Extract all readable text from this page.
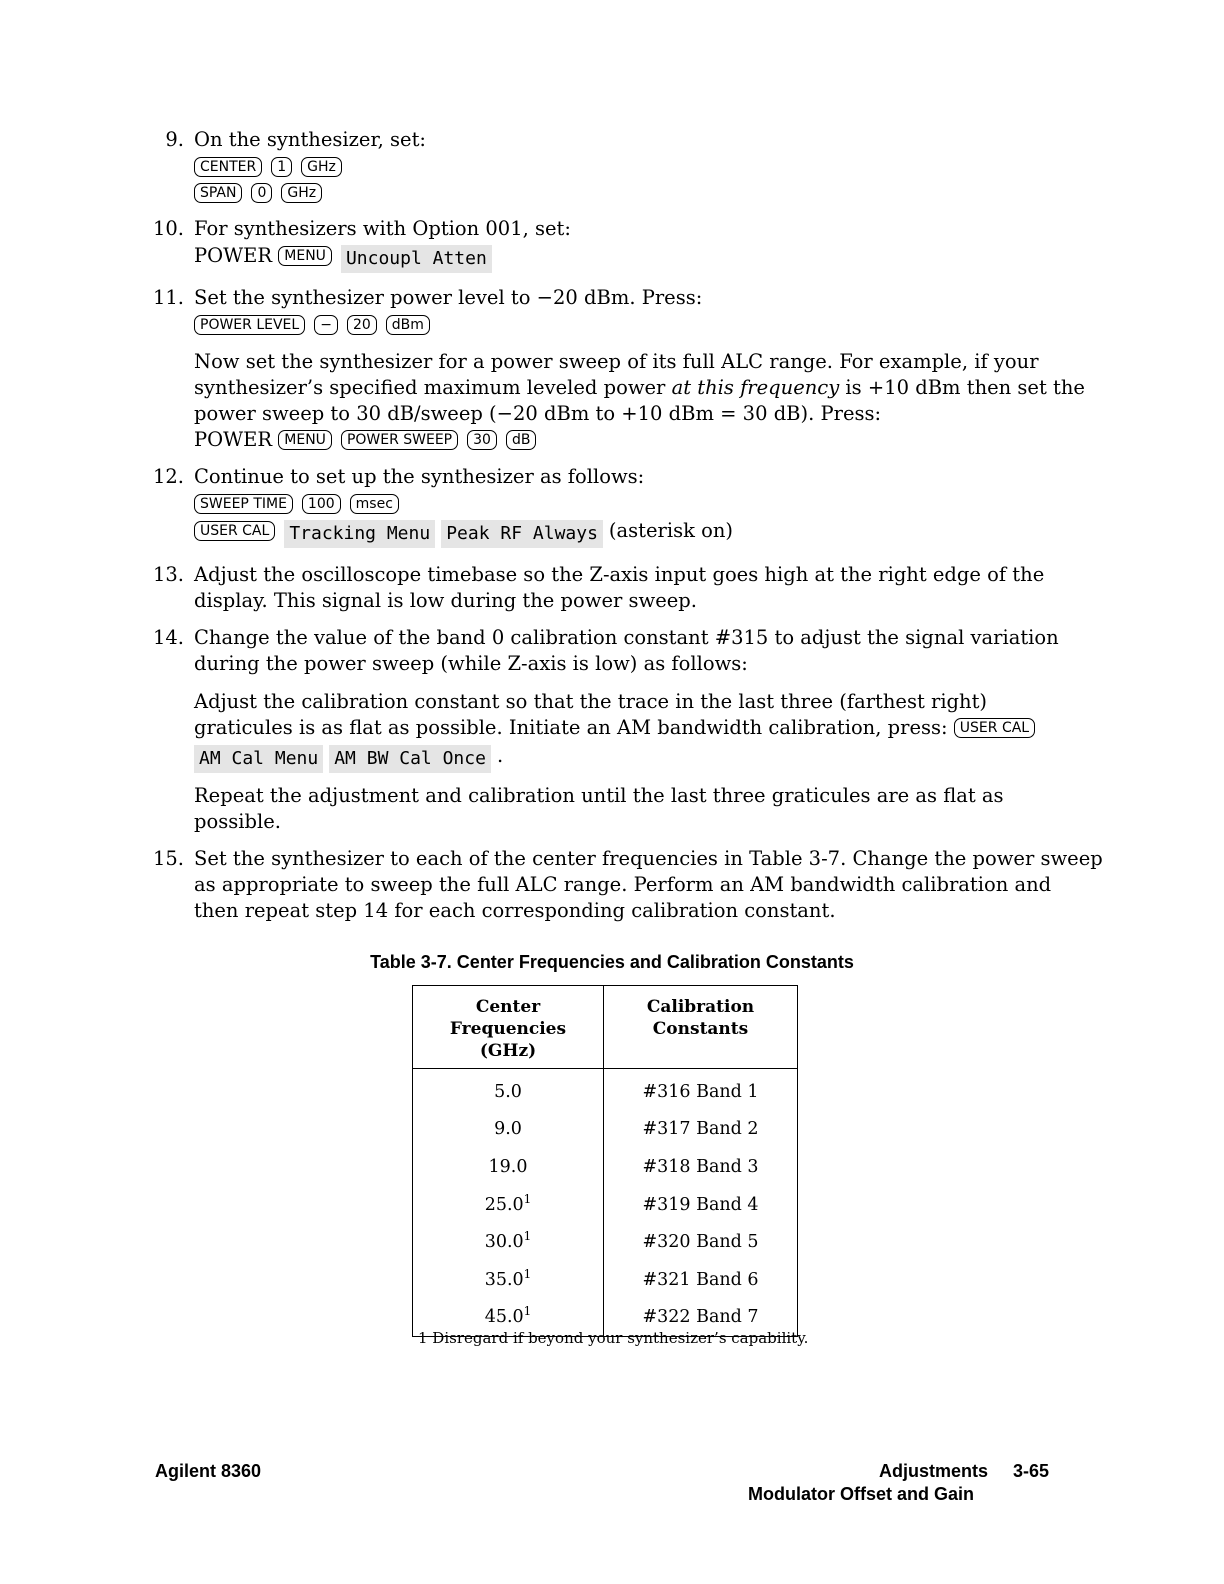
9. On the synthesizer, set:
CENTER 1 GHz
SPAN 0 GHz
10. For synthesizers with Option 001, set:
POWER MENU Uncoupl Atten
11. Set the synthesizer power level to −20 dBm. Press:
POWER LEVEL − 20 dBm
Now set the synthesizer for a power sweep of its full ALC range. For example, if your
synthesizer’s specified maximum leveled power at this frequency is +10 dBm then set the
power sweep to 30 dB/sweep (−20 dBm to +10 dBm = 30 dB). Press:
POWER MENU POWER SWEEP 30 dB
12. Continue to set up the synthesizer as follows:
SWEEP TIME 100 msec
USER CAL Tracking Menu Peak RF Always (asterisk on)
13. Adjust the oscilloscope timebase so the Z-axis input goes high at the right edge of the
display. This signal is low during the power sweep.
14. Change the value of the band 0 calibration constant #315 to adjust the signal variation
during the power sweep (while Z-axis is low) as follows:
Adjust the calibration constant so that the trace in the last three (farthest right)
graticules is as flat as possible. Initiate an AM bandwidth calibration, press: USER CAL
AM Cal Menu AM BW Cal Once .
Repeat the adjustment and calibration until the last three graticules are as flat as
possible.
15. Set the synthesizer to each of the center frequencies in Table 3-7. Change the power sweep
as appropriate to sweep the full ALC range. Perform an AM bandwidth calibration and
then repeat step 14 for each corresponding calibration constant.
Table 3-7. Center Frequencies and Calibration Constants
Center Frequencies
(GHz)	Calibration Constants
5.0	#316 Band 1
9.0	#317 Band 2
19.0	#318 Band 3
25.0$^1$	#319 Band 4
30.0$^1$	#320 Band 5
35.0$^1$	#321 Band 6
45.0$^1$	#322 Band 7
1 Disregard if beyond your synthesizer’s capability.
Agilent 8360	Adjustments 3-65
Modulator Offset and Gain
